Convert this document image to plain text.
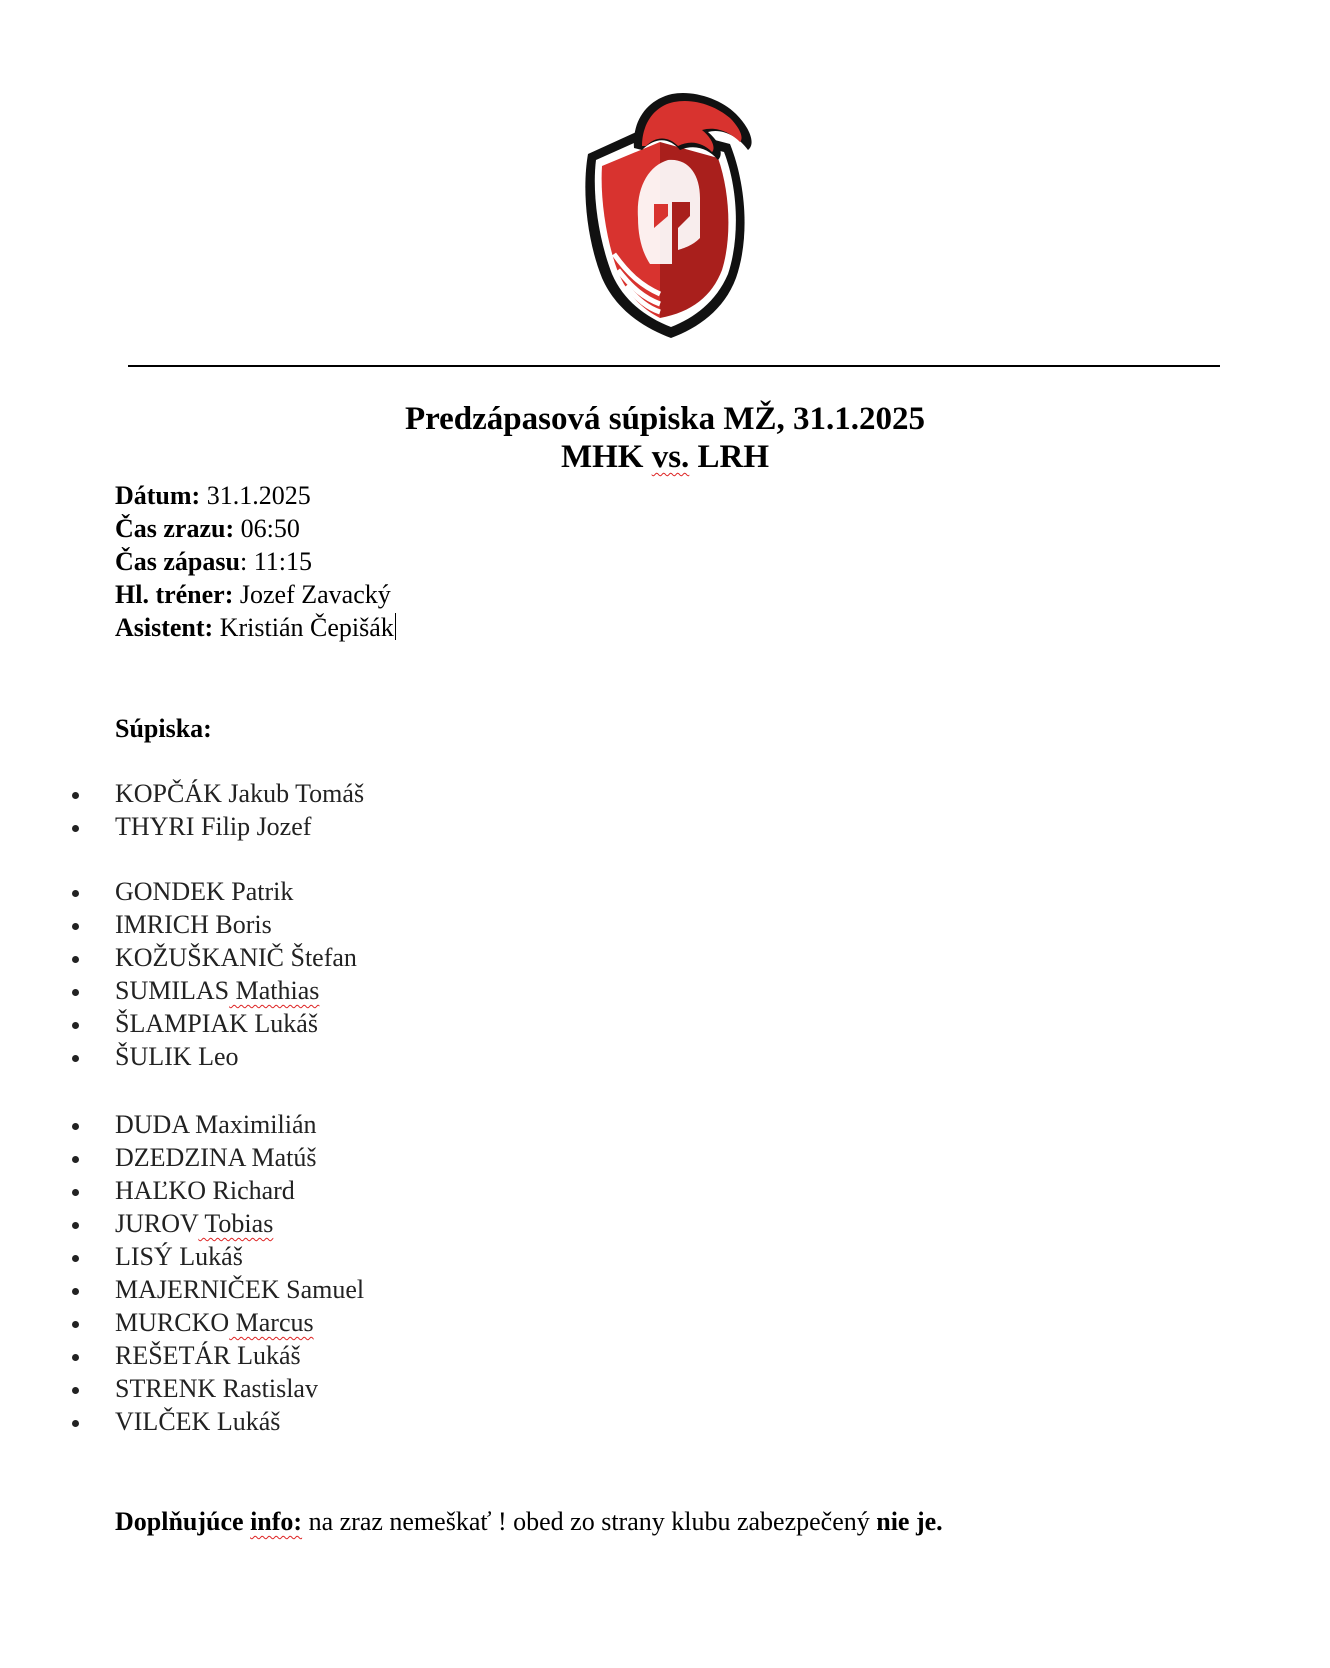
Predzápasová súpiska MŽ, 31.1.2025
MHK vs. LRH
Dátum: 31.1.2025
Čas zrazu: 06:50
Čas zápasu: 11:15
Hl. tréner: Jozef Zavacký
Asistent: Kristián Čepišák
Súpiska:
KOPČÁK Jakub Tomáš
THYRI Filip Jozef
GONDEK Patrik
IMRICH Boris
KOŽUŠKANIČ Štefan
SUMILAS Mathias
ŠLAMPIAK Lukáš
ŠULIK Leo
DUDA Maximilián
DZEDZINA Matúš
HAĽKO Richard
JUROV Tobias
LISÝ Lukáš
MAJERNIČEK Samuel
MURCKO Marcus
REŠETÁR Lukáš
STRENK Rastislav
VILČEK Lukáš
Doplňujúce info: na zraz nemeškať ! obed zo strany klubu zabezpečený nie je.
